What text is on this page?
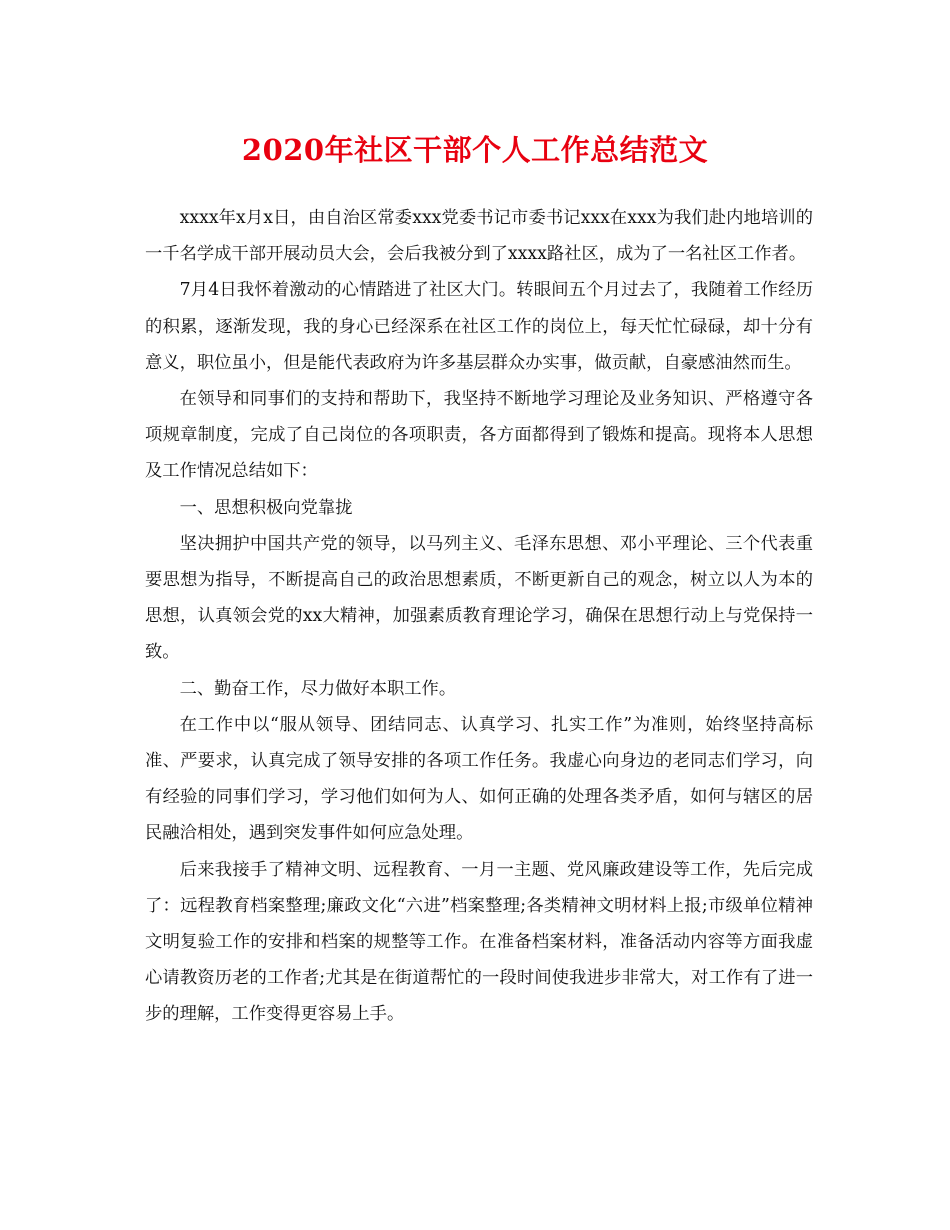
2020年社区干部个人工作总结范文

xxxx年x月x日，由自治区常委xxx党委书记市委书记xxx在xxx为我们赴内地培训的一千名学成干部开展动员大会，会后我被分到了xxxx路社区，成为了一名社区工作者。

7月4日我怀着激动的心情踏进了社区大门。转眼间五个月过去了，我随着工作经历的积累，逐渐发现，我的身心已经深系在社区工作的岗位上，每天忙忙碌碌，却十分有意义，职位虽小，但是能代表政府为许多基层群众办实事，做贡献，自豪感油然而生。

在领导和同事们的支持和帮助下，我坚持不断地学习理论及业务知识、严格遵守各项规章制度，完成了自己岗位的各项职责，各方面都得到了锻炼和提高。现将本人思想及工作情况总结如下：

一、思想积极向党靠拢

坚决拥护中国共产党的领导，以马列主义、毛泽东思想、邓小平理论、三个代表重要思想为指导，不断提高自己的政治思想素质，不断更新自己的观念，树立以人为本的思想，认真领会党的xx大精神，加强素质教育理论学习，确保在思想行动上与党保持一致。

二、勤奋工作，尽力做好本职工作。

在工作中以“服从领导、团结同志、认真学习、扎实工作”为准则，始终坚持高标准、严要求，认真完成了领导安排的各项工作任务。我虚心向身边的老同志们学习，向有经验的同事们学习，学习他们如何为人、如何正确的处理各类矛盾，如何与辖区的居民融洽相处，遇到突发事件如何应急处理。

后来我接手了精神文明、远程教育、一月一主题、党风廉政建设等工作，先后完成了：远程教育档案整理;廉政文化“六进”档案整理;各类精神文明材料上报;市级单位精神文明复验工作的安排和档案的规整等工作。在准备档案材料，准备活动内容等方面我虚心请教资历老的工作者;尤其是在街道帮忙的一段时间使我进步非常大，对工作有了进一步的理解，工作变得更容易上手。
